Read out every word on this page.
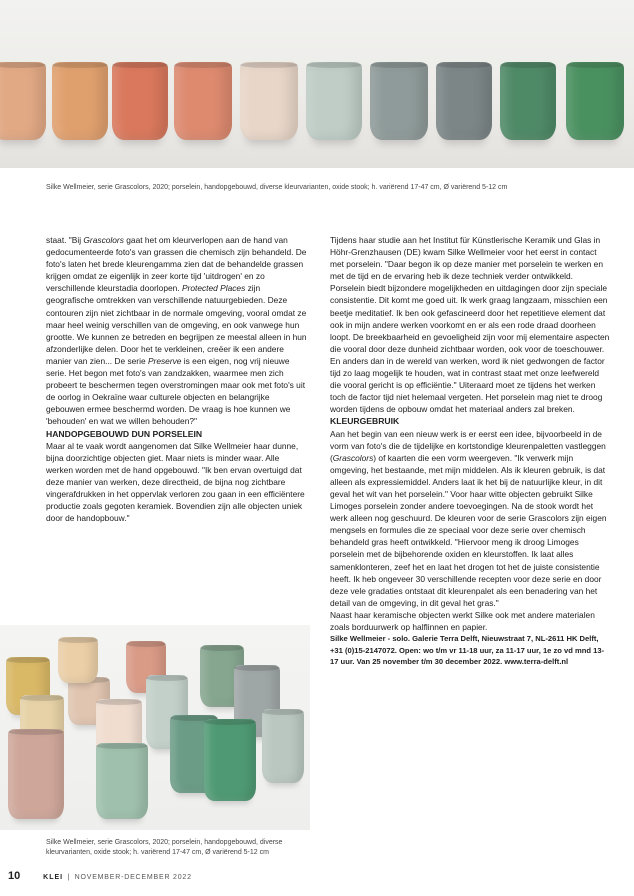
Silke Wellmeier, serie Grascolors, 2020; porselein, handopgebouwd, diverse kleurvarianten, oxide stook; h. variërend 17-47 cm, Ø variërend 5-12 cm

staat. "Bij Grascolors gaat het om kleurverlopen aan de hand van gedocumenteerde foto's van grassen die chemisch zijn behandeld. De foto's laten het brede kleurengamma zien dat de behandelde grassen krijgen omdat ze eigenlijk in zeer korte tijd 'uitdrogen' en zo verschillende kleurstadia doorlopen. Protected Places zijn geografische omtrekken van verschillende natuurgebieden. Deze contouren zijn niet zichtbaar in de normale omgeving, vooral omdat ze maar heel weinig verschillen van de omgeving, en ook vanwege hun grootte. We kunnen ze betreden en begrijpen ze meestal alleen in hun afzonderlijke delen. Door het te verkleinen, creëer ik een andere manier van zien... De serie Preserve is een eigen, nog vrij nieuwe serie. Het begon met foto's van zandzakken, waarmee men zich probeert te beschermen tegen overstromingen maar ook met foto's uit de oorlog in Oekraïne waar culturele objecten en belangrijke gebouwen ermee beschermd worden. De vraag is hoe kunnen we 'behouden' en wat we willen behouden?"

HANDOPGEBOUWD DUN PORSELEIN

Maar al te vaak wordt aangenomen dat Silke Wellmeier haar dunne, bijna doorzichtige objecten giet. Maar niets is minder waar. Alle werken worden met de hand opgebouwd. "Ik ben ervan overtuigd dat deze manier van werken, deze directheid, de bijna nog zichtbare vingerafdrukken in het oppervlak verloren zou gaan in een efficiëntere productie zoals gegoten keramiek. Bovendien zijn alle objecten uniek door de handopbouw."

Tijdens haar studie aan het Institut für Künstlerische Keramik und Glas in Höhr-Grenzhausen (DE) kwam Silke Wellmeier voor het eerst in contact met porselein. "Daar begon ik op deze manier met porselein te werken en met de tijd en de ervaring heb ik deze techniek verder ontwikkeld. Porselein biedt bijzondere mogelijkheden en uitdagingen door zijn speciale consistentie. Dit komt me goed uit. Ik werk graag langzaam, misschien een beetje meditatief. Ik ben ook gefascineerd door het repetitieve element dat ook in mijn andere werken voorkomt en er als een rode draad doorheen loopt. De breekbaarheid en gevoeligheid zijn voor mij elementaire aspecten die vooral door deze dunheid zichtbaar worden, ook voor de toeschouwer. En anders dan in de wereld van werken, word ik niet gedwongen de factor tijd zo laag mogelijk te houden, wat in contrast staat met onze leefwereld die vooral gericht is op efficiëntie." Uiteraard moet ze tijdens het werken toch de factor tijd niet helemaal vergeten. Het porselein mag niet te droog worden tijdens de opbouw omdat het materiaal anders zal breken.

KLEURGEBRUIK

Aan het begin van een nieuw werk is er eerst een idee, bijvoorbeeld in de vorm van foto's die de tijdelijke en kortstondige kleurenpaletten vastleggen (Grascolors) of kaarten die een vorm weergeven. "Ik verwerk mijn omgeving, het bestaande, met mijn middelen. Als ik kleuren gebruik, is dat alleen als expressiemiddel. Anders laat ik het bij de natuurlijke kleur, in dit geval het wit van het porselein." Voor haar witte objecten gebruikt Silke Limoges porselein zonder andere toevoegingen. Na de stook wordt het werk alleen nog geschuurd. De kleuren voor de serie Grascolors zijn eigen mengsels en formules die ze speciaal voor deze serie over chemisch behandeld gras heeft ontwikkeld. "Hiervoor meng ik droog Limoges porselein met de bijbehorende oxiden en kleurstoffen. Ik laat alles samenklonteren, zeef het en laat het drogen tot het de juiste consistentie heeft. Ik heb ongeveer 30 verschillende recepten voor deze serie en door deze vele gradaties ontstaat dit kleurenpalet als een benadering van het detail van de omgeving, in dit geval het gras."

Naast haar keramische objecten werkt Silke ook met andere materialen zoals borduurwerk op halflinnen en papier.

Silke Wellmeier - solo. Galerie Terra Delft, Nieuwstraat 7, NL-2611 HK Delft, +31 (0)15-2147072. Open: wo t/m vr 11-18 uur, za 11-17 uur, 1e zo vd mnd 13-17 uur. Van 25 november t/m 30 december 2022. www.terra-delft.nl

Silke Wellmeier, serie Grascolors, 2020; porselein, handopgebouwd, diverse kleurvarianten, oxide stook; h. variërend 17-47 cm, Ø variërend 5-12 cm
10	KLEI | NOVEMBER-DECEMBER 2022
